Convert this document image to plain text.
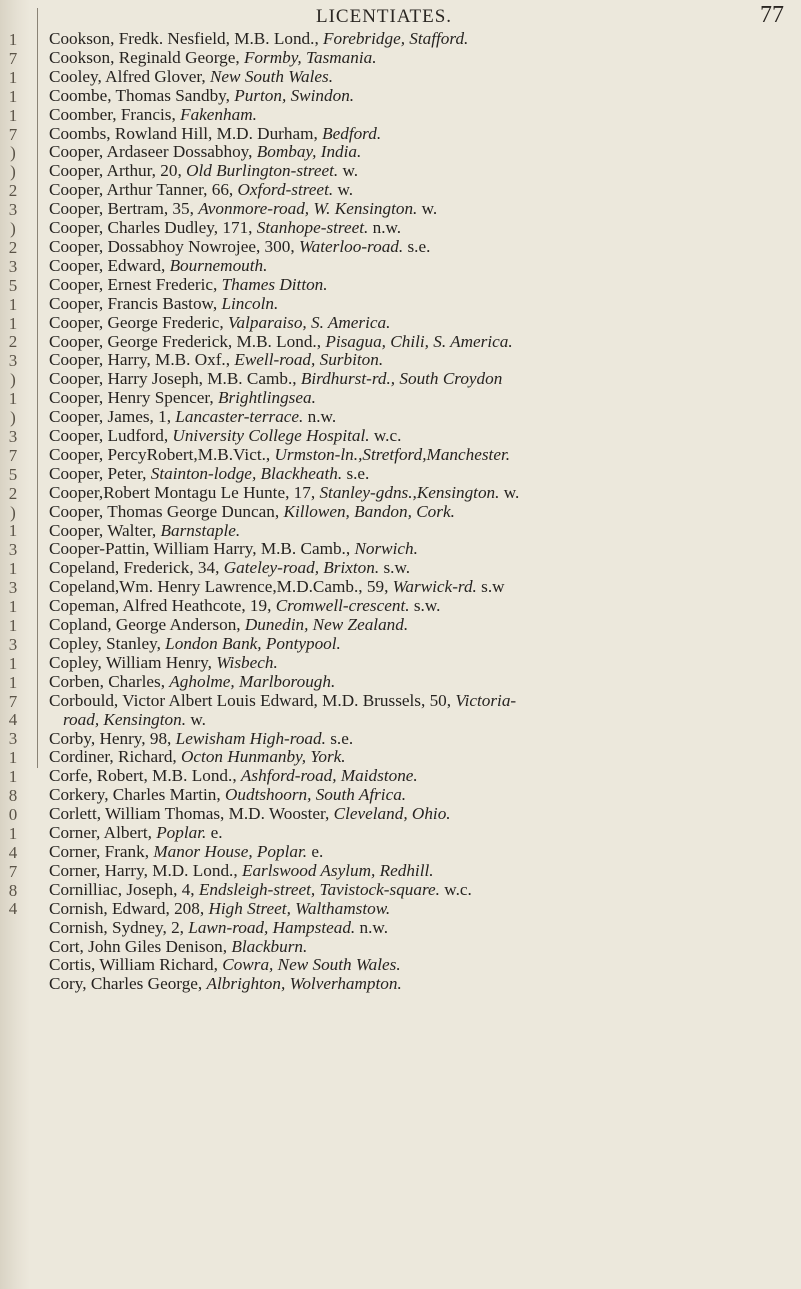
1
7
1
1
1
7
)
)
2
3
)
2
3
5
1
1
2
3
)
1
)
3
7
5
2
)
1
3
1
3
1
1
3
1
1
7
4
3
1
1
8
0
1
4
7
8
4
LICENTIATES.	77
Cookson, Fredk. Nesfield, M.B. Lond., Forebridge, Stafford.
Cookson, Reginald George, Formby, Tasmania.
Cooley, Alfred Glover, New South Wales.
Coombe, Thomas Sandby, Purton, Swindon.
Coomber, Francis, Fakenham.
Coombs, Rowland Hill, M.D. Durham, Bedford.
Cooper, Ardaseer Dossabhoy, Bombay, India.
Cooper, Arthur, 20, Old Burlington-street. w.
Cooper, Arthur Tanner, 66, Oxford-street. w.
Cooper, Bertram, 35, Avonmore-road, W. Kensington. w.
Cooper, Charles Dudley, 171, Stanhope-street. n.w.
Cooper, Dossabhoy Nowrojee, 300, Waterloo-road. s.e.
Cooper, Edward, Bournemouth.
Cooper, Ernest Frederic, Thames Ditton.
Cooper, Francis Bastow, Lincoln.
Cooper, George Frederic, Valparaiso, S. America.
Cooper, George Frederick, M.B. Lond., Pisagua, Chili, S. America.
Cooper, Harry, M.B. Oxf., Ewell-road, Surbiton.
Cooper, Harry Joseph, M.B. Camb., Birdhurst-rd., South Croydon
Cooper, Henry Spencer, Brightlingsea.
Cooper, James, 1, Lancaster-terrace. n.w.
Cooper, Ludford, University College Hospital. w.c.
Cooper, PercyRobert,M.B.Vict., Urmston-ln.,Stretford,Manchester.
Cooper, Peter, Stainton-lodge, Blackheath. s.e.
Cooper,Robert Montagu Le Hunte, 17, Stanley-gdns.,Kensington. w.
Cooper, Thomas George Duncan, Killowen, Bandon, Cork.
Cooper, Walter, Barnstaple.
Cooper-Pattin, William Harry, M.B. Camb., Norwich.
Copeland, Frederick, 34, Gateley-road, Brixton. s.w.
Copeland,Wm. Henry Lawrence,M.D.Camb., 59, Warwick-rd. s.w
Copeman, Alfred Heathcote, 19, Cromwell-crescent. s.w.
Copland, George Anderson, Dunedin, New Zealand.
Copley, Stanley, London Bank, Pontypool.
Copley, William Henry, Wisbech.
Corben, Charles, Agholme, Marlborough.
Corbould, Victor Albert Louis Edward, M.D. Brussels, 50, Victoria-
road, Kensington. w.
Corby, Henry, 98, Lewisham High-road. s.e.
Cordiner, Richard, Octon Hunmanby, York.
Corfe, Robert, M.B. Lond., Ashford-road, Maidstone.
Corkery, Charles Martin, Oudtshoorn, South Africa.
Corlett, William Thomas, M.D. Wooster, Cleveland, Ohio.
Corner, Albert, Poplar. e.
Corner, Frank, Manor House, Poplar. e.
Corner, Harry, M.D. Lond., Earlswood Asylum, Redhill.
Cornilliac, Joseph, 4, Endsleigh-street, Tavistock-square. w.c.
Cornish, Edward, 208, High Street, Walthamstow.
Cornish, Sydney, 2, Lawn-road, Hampstead. n.w.
Cort, John Giles Denison, Blackburn.
Cortis, William Richard, Cowra, New South Wales.
Cory, Charles George, Albrighton, Wolverhampton.
